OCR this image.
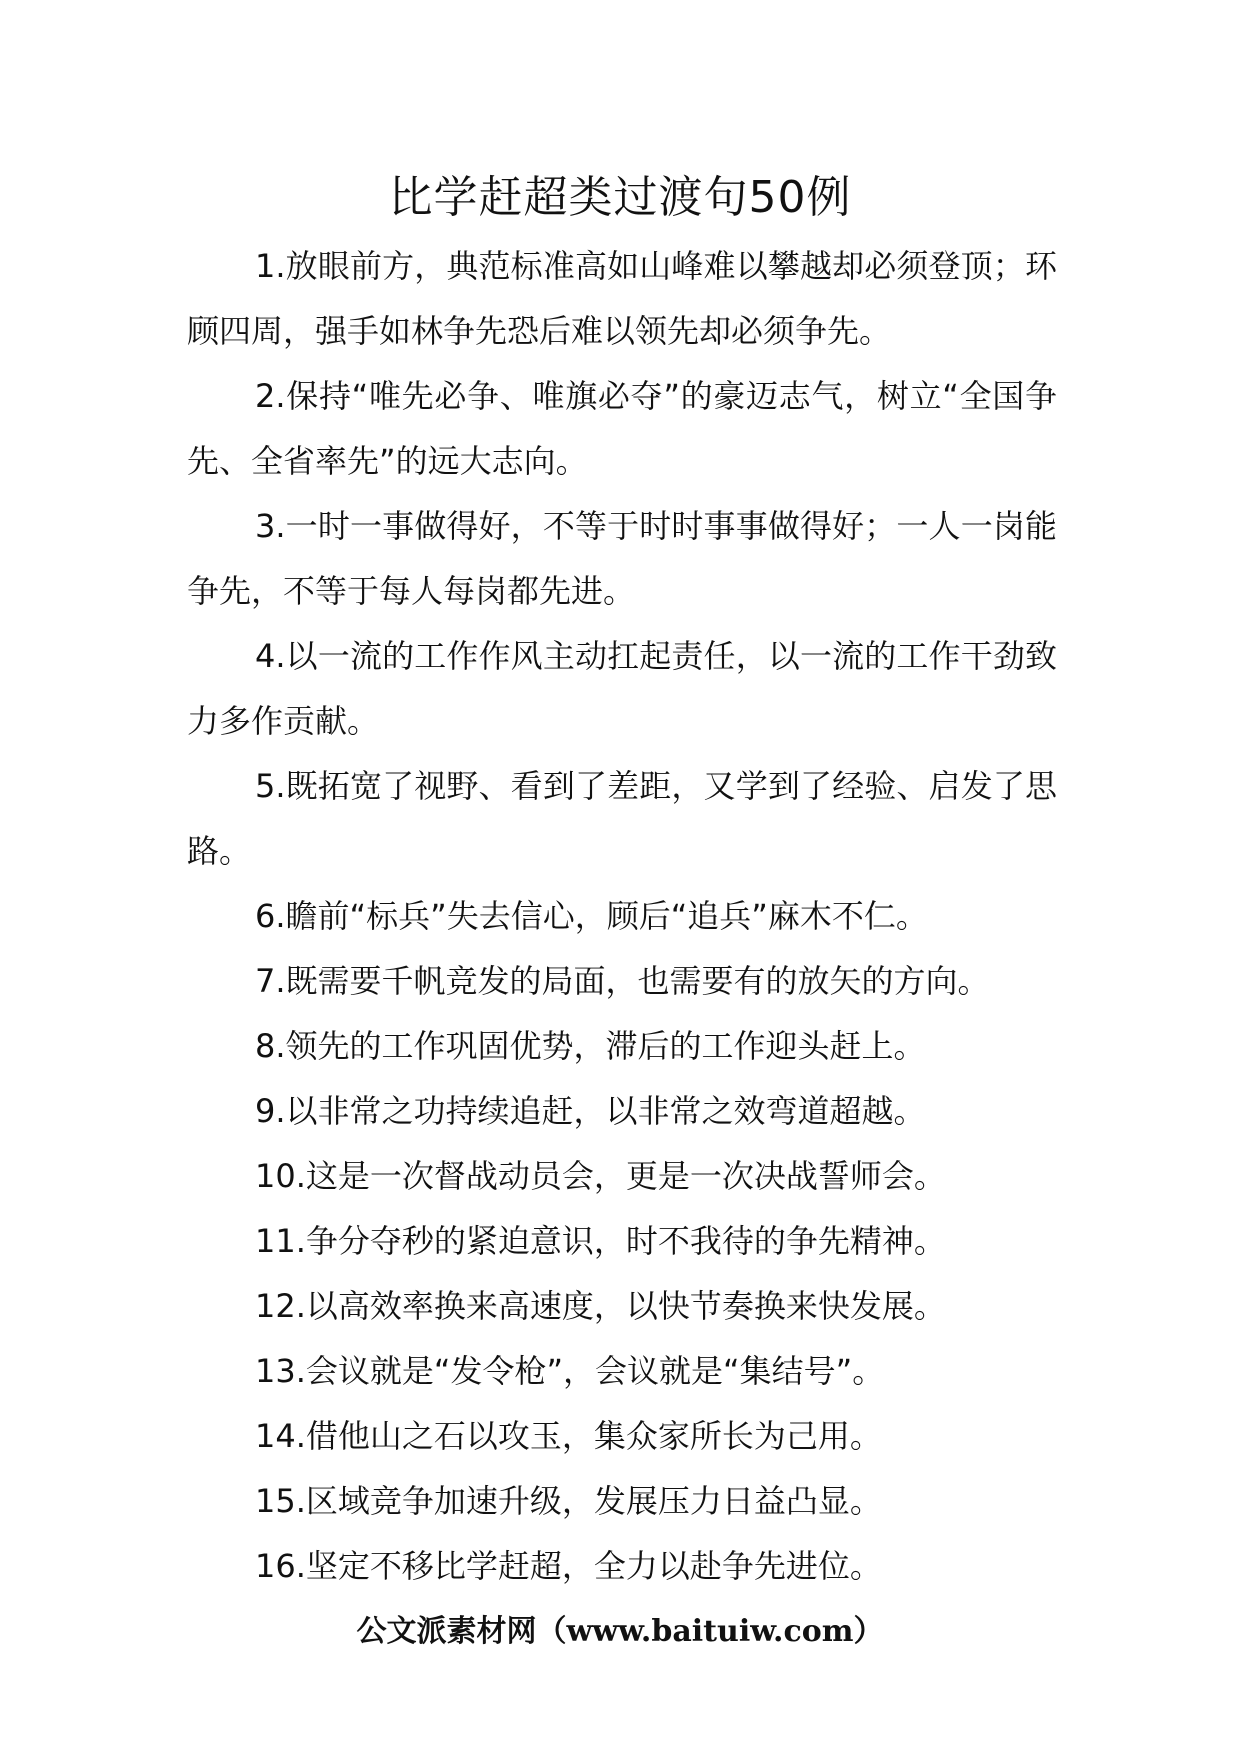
比学赶超类过渡句50例

1.放眼前方，典范标准高如山峰难以攀越却必须登顶；环顾四周，强手如林争先恐后难以领先却必须争先。

2.保持“唯先必争、唯旗必夺”的豪迈志气，树立“全国争先、全省率先”的远大志向。

3.一时一事做得好，不等于时时事事做得好；一人一岗能争先，不等于每人每岗都先进。

4.以一流的工作作风主动扛起责任，以一流的工作干劲致力多作贡献。

5.既拓宽了视野、看到了差距，又学到了经验、启发了思路。

6.瞻前“标兵”失去信心，顾后“追兵”麻木不仁。

7.既需要千帆竞发的局面，也需要有的放矢的方向。

8.领先的工作巩固优势，滞后的工作迎头赶上。

9.以非常之功持续追赶，以非常之效弯道超越。

10.这是一次督战动员会，更是一次决战誓师会。

11.争分夺秒的紧迫意识，时不我待的争先精神。

12.以高效率换来高速度，以快节奏换来快发展。

13.会议就是“发令枪”，会议就是“集结号”。

14.借他山之石以攻玉，集众家所长为己用。

15.区域竞争加速升级，发展压力日益凸显。

16.坚定不移比学赶超，全力以赴争先进位。

公文派素材网（www.baituiw.com）
